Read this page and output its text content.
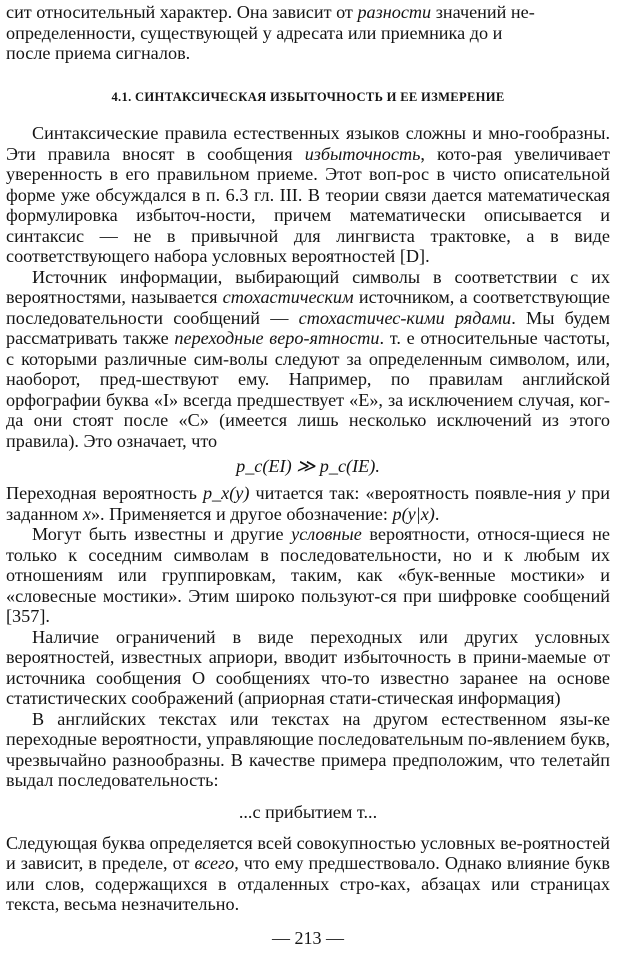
сит относительный характер. Она зависит от разности значений не-

определенности, существующей у адресата или приемника до и

после приема сигналов.

4.1. СИНТАКСИЧЕСКАЯ ИЗБЫТОЧНОСТЬ И ЕЕ ИЗМЕРЕНИЕ

Синтаксические правила естественных языков сложны и мно-гообразны. Эти правила вносят в сообщения избыточность, кото-рая увеличивает уверенность в его правильном приеме. Этот воп-рос в чисто описательной форме уже обсуждался в п. 6.3 гл. III. В теории связи дается математическая формулировка избыточ-ности, причем математически описывается и синтаксис — не в привычной для лингвиста трактовке, а в виде соответствующего набора условных вероятностей [D].

Источник информации, выбирающий символы в соответствии с их вероятностями, называется стохастическим источником, а соответствующие последовательности сообщений — стохастичес-кими рядами. Мы будем рассматривать также переходные веро-ятности. т. е относительные частоты, с которыми различные сим-волы следуют за определенным символом, или, наоборот, пред-шествуют ему. Например, по правилам английской орфографии буква «I» всегда предшествует «E», за исключением случая, ког-да они стоят после «C» (имеется лишь несколько исключений из этого правила). Это означает, что

p_c(EI) ≫ p_c(IE).

Переходная вероятность p_x(y) читается так: «вероятность появле-ния y при заданном x». Применяется и другое обозначение: p(y|x).

Могут быть известны и другие условные вероятности, относя-щиеся не только к соседним символам в последовательности, но и к любым их отношениям или группировкам, таким, как «бук-венные мостики» и «словесные мостики». Этим широко пользуют-ся при шифровке сообщений [357].

Наличие ограничений в виде переходных или других условных вероятностей, известных априори, вводит избыточность в прини-маемые от источника сообщения О сообщениях что-то известно заранее на основе статистических соображений (априорная стати-стическая информация)

В английских текстах или текстах на другом естественном язы-ке переходные вероятности, управляющие последовательным по-явлением букв, чрезвычайно разнообразны. В качестве примера предположим, что телетайп выдал последовательность:

...с прибытием т...

Следующая буква определяется всей совокупностью условных ве-роятностей и зависит, в пределе, от всего, что ему предшествовало. Однако влияние букв или слов, содержащихся в отдаленных стро-ках, абзацах или страницах текста, весьма незначительно.

— 213 —
